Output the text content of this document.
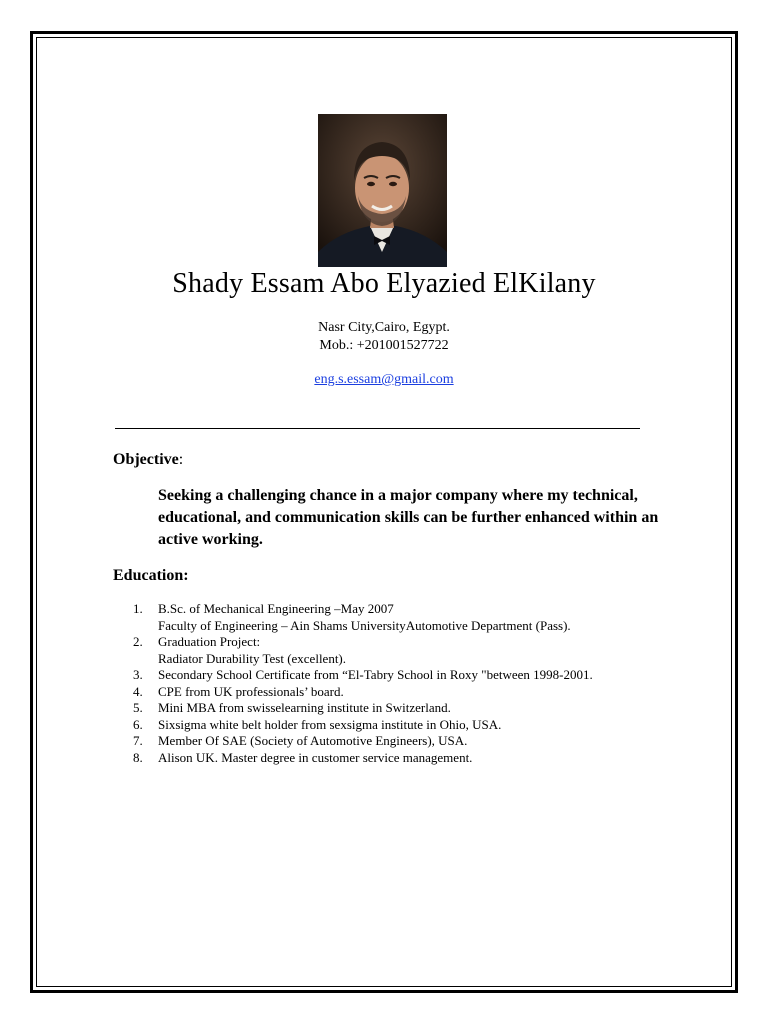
Shady Essam Abo Elyazied ElKilany
Nasr City,Cairo, Egypt.
Mob.: +201001527722
eng.s.essam@gmail.com
Objective:
Seeking a challenging chance in a major company where my technical, educational, and communication skills can be further enhanced within an active working.
Education:
1.	B.Sc. of Mechanical Engineering –May 2007
Faculty of Engineering – Ain Shams UniversityAutomotive Department (Pass).
2.	Graduation Project:
Radiator Durability Test (excellent).
3.	Secondary School Certificate from “El-Tabry School in Roxy "between 1998-2001.
4.	CPE from UK professionals’ board.
5.	Mini MBA from swisselearning institute in Switzerland.
6.	Sixsigma white belt holder from sexsigma institute in Ohio, USA.
7.	Member Of SAE (Society of Automotive Engineers), USA.
8.	Alison UK. Master degree in customer service management.
